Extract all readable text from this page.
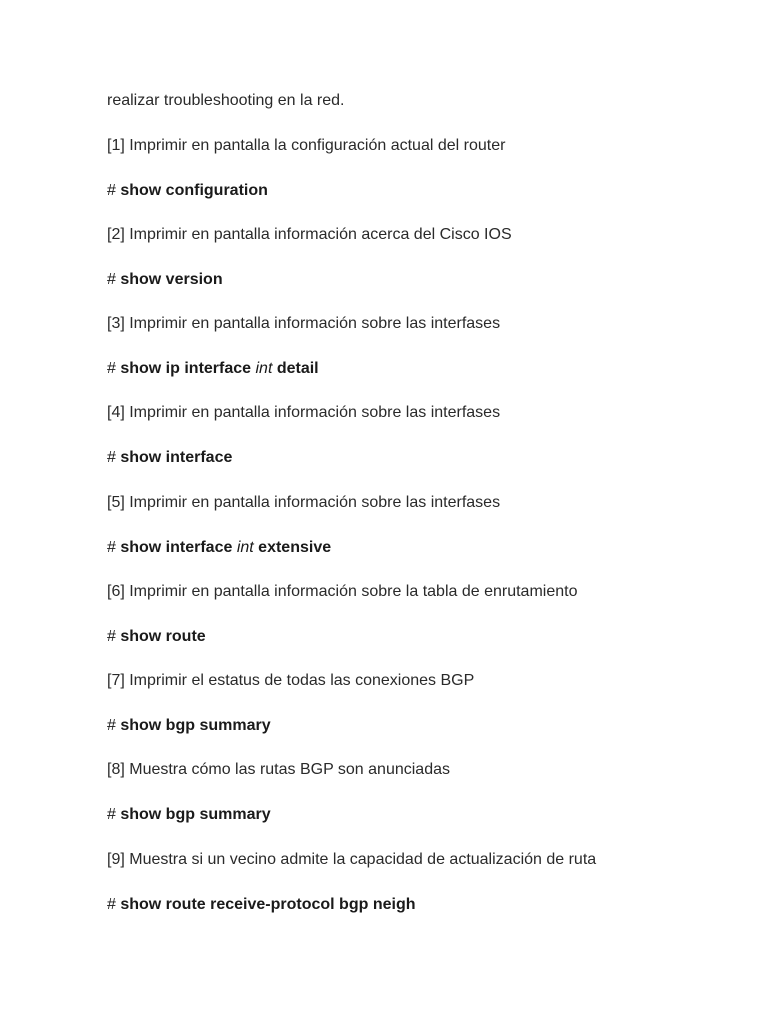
realizar troubleshooting en la red.
[1] Imprimir en pantalla la configuración actual del router
# show configuration
[2] Imprimir en pantalla información acerca del Cisco IOS
# show version
[3] Imprimir en pantalla información sobre las interfases
# show ip interface int detail
[4] Imprimir en pantalla información sobre las interfases
# show interface
[5] Imprimir en pantalla información sobre las interfases
# show interface int extensive
[6] Imprimir en pantalla información sobre la tabla de enrutamiento
# show route
[7] Imprimir el estatus de todas las conexiones BGP
# show bgp summary
[8] Muestra cómo las rutas BGP son anunciadas
# show bgp summary
[9] Muestra si un vecino admite la capacidad de actualización de ruta
# show route receive-protocol bgp neigh
